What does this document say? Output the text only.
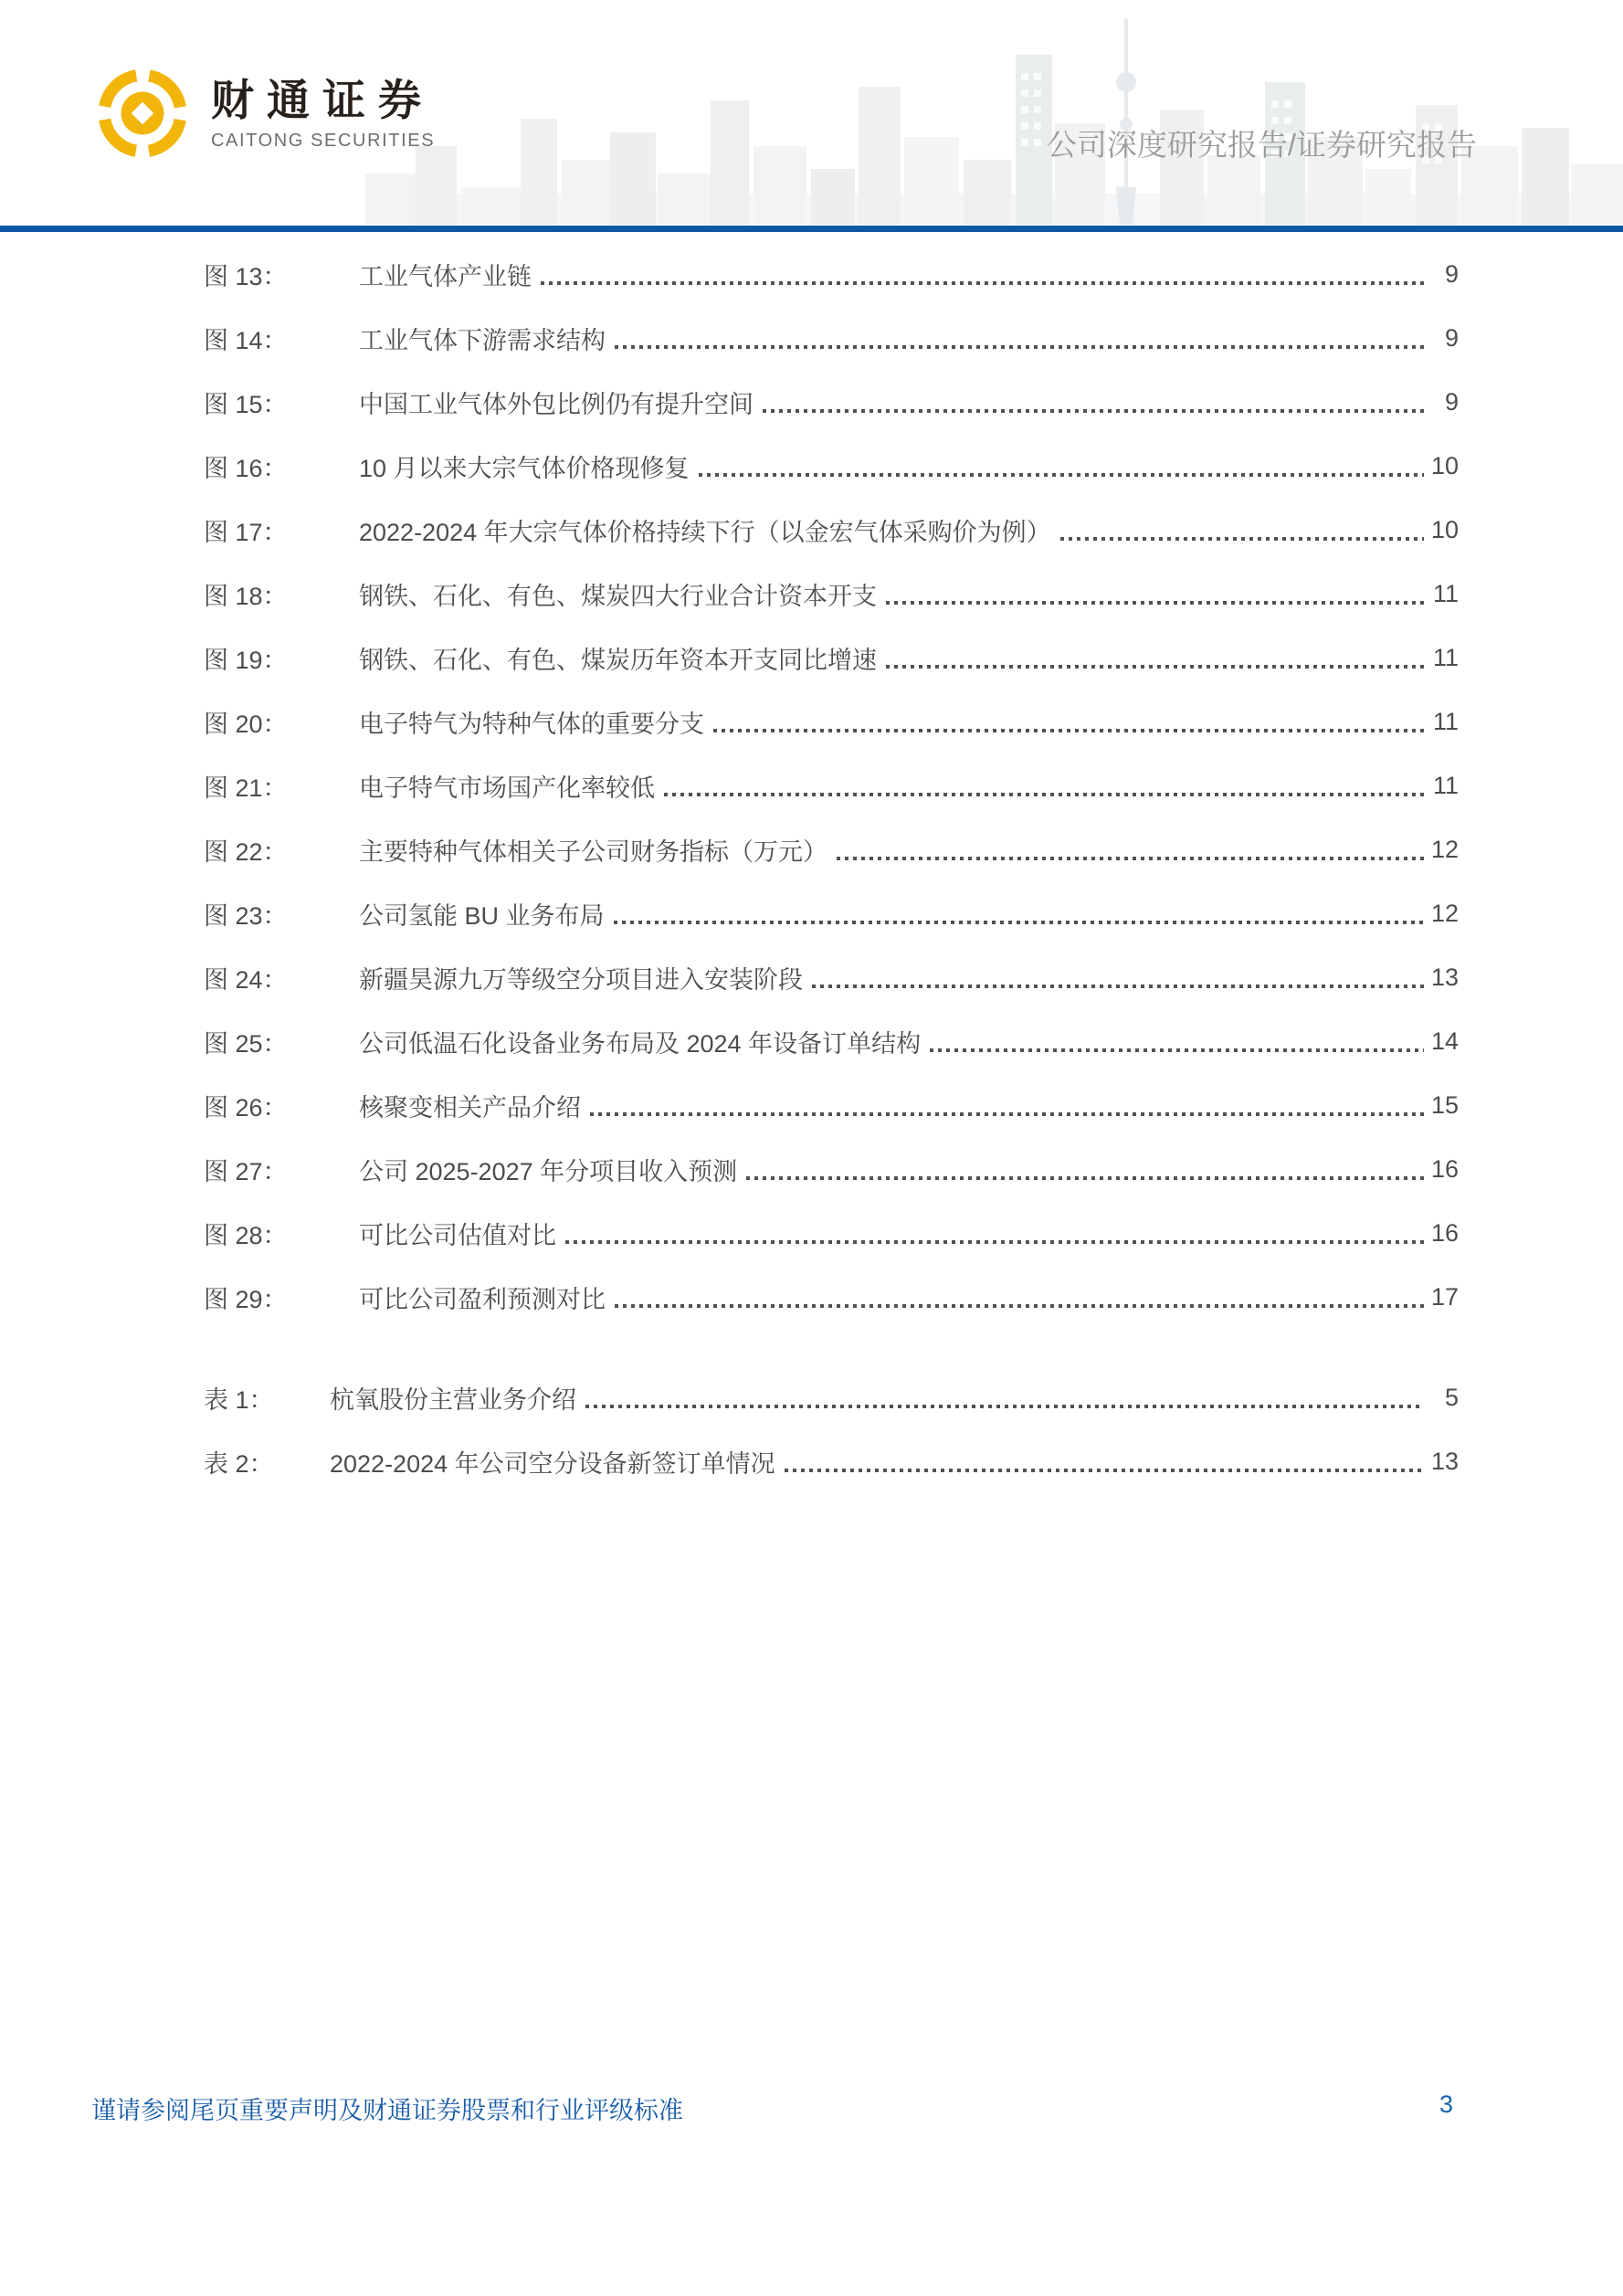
财通证券
CAITONG SECURITIES	公司深度研究报告/证券研究报告
图 13：	工业气体产业链	9
图 14：	工业气体下游需求结构	9
图 15：	中国工业气体外包比例仍有提升空间	9
图 16：	10 月以来大宗气体价格现修复	10
图 17：	2022-2024 年大宗气体价格持续下行（以金宏气体采购价为例）	10
图 18：	钢铁、石化、有色、煤炭四大行业合计资本开支	11
图 19：	钢铁、石化、有色、煤炭历年资本开支同比增速	11
图 20：	电子特气为特种气体的重要分支	11
图 21：	电子特气市场国产化率较低	11
图 22：	主要特种气体相关子公司财务指标（万元）	12
图 23：	公司氢能 BU 业务布局	12
图 24：	新疆昊源九万等级空分项目进入安装阶段	13
图 25：	公司低温石化设备业务布局及 2024 年设备订单结构	14
图 26：	核聚变相关产品介绍	15
图 27：	公司 2025-2027 年分项目收入预测	16
图 28：	可比公司估值对比	16
图 29：	可比公司盈利预测对比	17
表 1：	杭氧股份主营业务介绍	5
表 2：	2022-2024 年公司空分设备新签订单情况	13
谨请参阅尾页重要声明及财通证券股票和行业评级标准	3
